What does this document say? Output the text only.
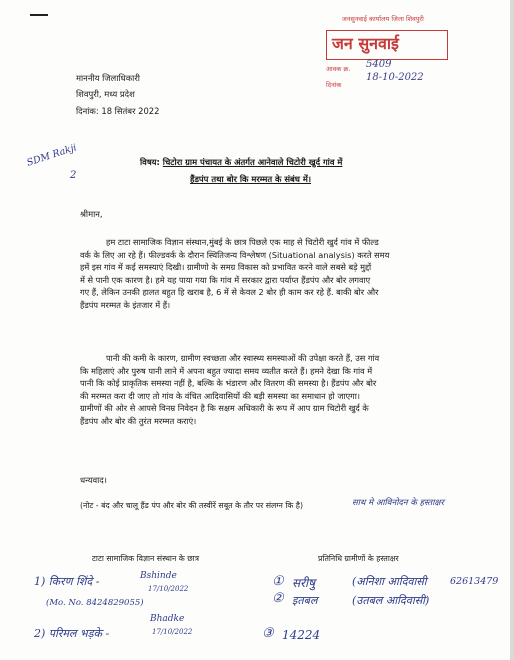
जनसुनवाई कार्यालय जिला शिवपुरी
जन सुनवाई
आवक क्र. 5409
दिनांक
18-10-2022
माननीय जिलाधिकारी
शिवपुरी, मध्य प्रदेश
दिनांक: 18 सितंबर 2022
SDM Rakji
2
विषय: चिटोरा ग्राम पंचायत के अंतर्गत आनेवाले चिटोरी खुर्द गांव में
हैंडपंप तथा बोर कि मरम्मत के संबंध में।
श्रीमान,
हम टाटा सामाजिक विज्ञान संस्थान,मुंबई के छात्र पिछले एक माह से चिटोरी खुर्द गांव में फील्ड
वर्क के लिए आ रहे हैं। फील्डवर्क के दौरान स्थितिजन्य विश्लेषण (Situational analysis) करते समय
हमें इस गांव में कई समस्याएं दिखी। ग्रामीणो के समग्र विकास को प्रभावित करने वाले सबसे बड़े मुद्दों
में से पानी एक कारण है। हमे यह पाया गया कि गांव में सरकार द्वारा पर्याप्त हैंडपंप और बोर लगवाए
गए हैं, लेकिन उनकी हालत बहुत हि खराब है, 6 में से केवल 2 बोर ही काम कर रहे हैं. बाकी बोर और
हैंडपंप मरम्मत के इंतजार में हैं।
पानी की कमी के कारण, ग्रामीण स्वच्छता और स्वास्थ्य समस्याओं की उपेक्षा करते हैं, उस गांव
कि महिलाएं और पुरुष पानी लाने में अपना बहुत ज्यादा समय व्यतीत करते हैं। हमने देखा कि गांव में
पानी कि कोई प्राकृतिक समस्या नहीं है, बल्कि के भंडारण और वितरण की समस्या है। हैंडपंप और बोर
की मरम्मत करा दी जाए तो गांव के वंचित आदिवासियों की बड़ी समस्या का समाधान हो जाएगा।
ग्रामीणों की ओर से आपसे विनम्र निवेदन है कि सक्षम अधिकारी के रूप में आप ग्राम चिटोरी खुर्द के
हैंडपंप और बोर की तुरंत मरम्मत कराएं।
धन्यवाद।
(नोट - बंद और चालू हैंड पंप और बोर की तस्वीरें सबूत के तौर पर संलग्न कि है)	साथ मे आविनोदन के हस्ताक्षर
टाटा सामाजिक विज्ञान संस्थान के छात्र
1) किरण शिंदे -	Bshinde
17/10/2022
(Mo. No. 8424829055)
2) परिमल भड़के -
Bhadke
17/10/2022
प्रतिनिधि ग्रामीणों के हस्ताक्षर
① सरीषु	(अनिशा आदिवासी 62613479
② इतबल	(उतबल आदिवासी)
③ 14224
